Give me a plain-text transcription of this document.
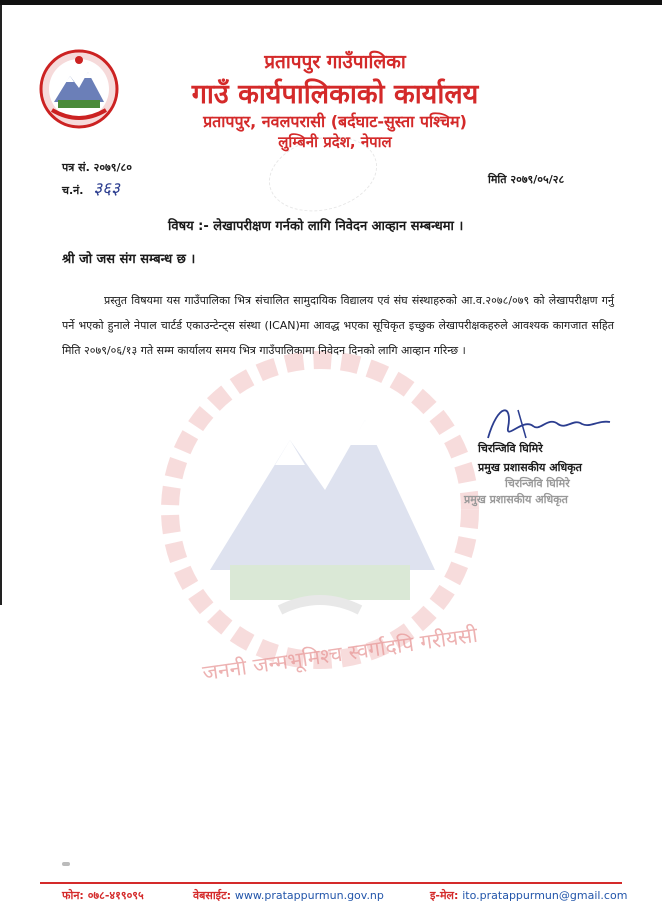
जननी जन्मभूमिश्च स्वर्गादपि गरीयसी
प्रतापपुर गाउँपालिका
गाउँ कार्यपालिकाको कार्यालय
प्रतापपुर, नवलपरासी (बर्दघाट-सुस्ता पश्चिम)
लुम्बिनी प्रदेश, नेपाल

पत्र सं. २०७९/८०
च.नं. ३६३	मिति २०७९/०५/२८
विषय :- लेखापरीक्षण गर्नको लागि निवेदन आव्हान सम्बन्धमा ।
श्री जो जस संग सम्बन्ध छ ।
प्रस्तुत विषयमा यस गाउँपालिका भित्र संचालित सामुदायिक विद्यालय एवं संघ संस्थाहरुको आ.व.२०७८/०७९ को लेखापरीक्षण गर्नु पर्ने भएको हुनाले नेपाल चार्टर्ड एकाउन्टेन्ट्स संस्था (ICAN)मा आवद्ध भएका सूचिकृत इच्छुक लेखापरीक्षकहरुले आवश्यक कागजात सहित मिति २०७९/०६/१३ गते सम्म कार्यालय समय भित्र गाउँपालिकामा निवेदन दिनको लागि आव्हान गरिन्छ ।
चिरन्जिवि घिमिरे
प्रमुख प्रशासकीय अधिकृत
चिरन्जिवि घिमिरे
प्रमुख प्रशासकीय अधिकृत
फोन: ०७८-४१९०९५	वेबसाईट: www.pratappurmun.gov.np	इ-मेल: ito.pratappurmun@gmail.com
